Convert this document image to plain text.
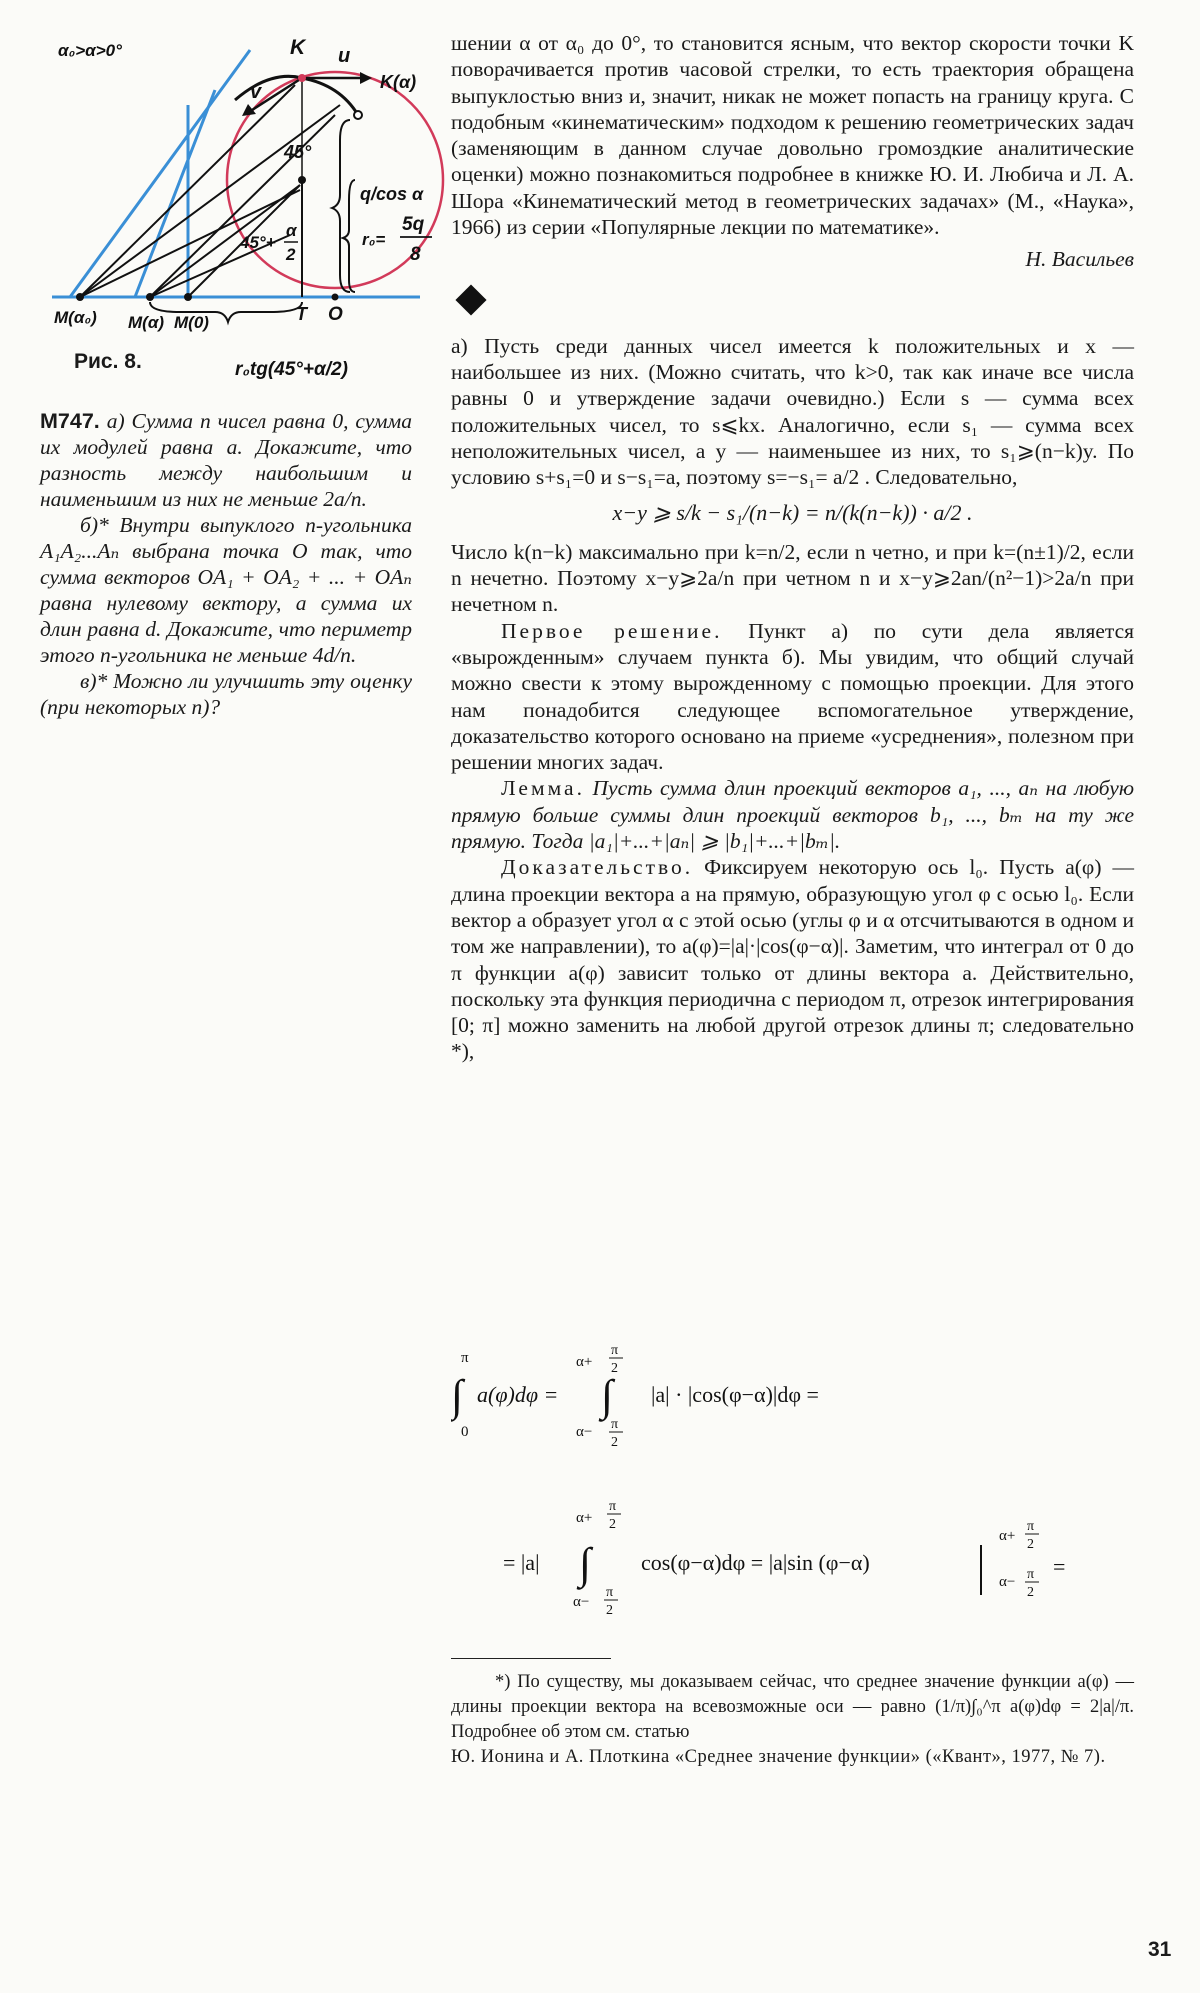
α₀>α>0°	K u
v	K(α)
45°
q/cos α
r₀=
5q
8
45°+
α
2
M(α₀) M(α) M(0)	T O
r₀tg(45°+α/2)
Рис. 8.

М747. а) Сумма n чисел равна 0, сумма их модулей равна a. Докажите, что разность между наибольшим и наименьшим из них не меньше 2a/n.

б)* Внутри выпуклого n-угольника A₁A₂...Aₙ выбрана точка O так, что сумма векторов OA₁ + OA₂ + ... + OAₙ равна нулевому вектору, а сумма их длин равна d. Докажите, что периметр этого n-угольника не меньше 4d/n.

в)* Можно ли улучшить эту оценку (при некоторых n)?

шении α от α₀ до 0°, то становится ясным, что вектор скорости точки K поворачивается против часовой стрелки, то есть траектория обращена выпуклостью вниз и, значит, никак не может попасть на границу круга. С подобным «кинематическим» подходом к решению геометрических задач (заменяющим в данном случае довольно громоздкие аналитические оценки) можно познакомиться подробнее в книжке Ю. И. Любича и Л. А. Шора «Кинематический метод в геометрических задачах» (М., «Наука», 1966) из серии «Популярные лекции по математике».

Н. Васильев

а) Пусть среди данных чисел имеется k положительных и x — наибольшее из них. (Можно считать, что k>0, так как иначе все числа равны 0 и утверждение задачи очевидно.) Если s — сумма всех положительных чисел, то s⩽kx. Аналогично, если s₁ — сумма всех неположительных чисел, а y — наименьшее из них, то s₁⩾(n−k)y. По условию s+s₁=0 и s−s₁=a, поэтому s=−s₁= a/2 . Следовательно,

x−y ⩾ s/k − s₁/(n−k) = n/(k(n−k)) · a/2 .

Число k(n−k) максимально при k=n/2, если n четно, и при k=(n±1)/2, если n нечетно. Поэтому x−y⩾2a/n при четном n и x−y⩾2an/(n²−1)>2a/n при нечетном n.

Первое решение. Пункт а) по сути дела является «вырожденным» случаем пункта б). Мы увидим, что общий случай можно свести к этому вырожденному с помощью проекции. Для этого нам понадобится следующее вспомогательное утверждение, доказательство которого основано на приеме «усреднения», полезном при решении многих задач.

Лемма. Пусть сумма длин проекций векторов a₁, ..., aₙ на любую прямую больше суммы длин проекций векторов b₁, ..., bₘ на ту же прямую. Тогда |a₁|+...+|aₙ| ⩾ |b₁|+...+|bₘ|.

Доказательство. Фиксируем некоторую ось l₀. Пусть a(φ) — длина проекции вектора a на прямую, образующую угол φ с осью l₀. Если вектор a образует угол α с этой осью (углы φ и α отсчитываются в одном и том же направлении), то a(φ)=|a|·|cos(φ−α)|. Заметим, что интеграл от 0 до π функции a(φ) зависит только от длины вектора a. Действительно, поскольку эта функция периодична с периодом π, отрезок интегрирования [0; π] можно заменить на любой другой отрезок длины π; следовательно *),

∫
π
0
a(φ)dφ = ∫
α+
π
2
α− π
2
|a| · |cos(φ−α)|dφ =
= |a| ∫
α+
π
2
α−
π
2
cos(φ−α)dφ = |a|sin (φ−α)
α+
π
2
α− π
2
=

*) По существу, мы доказываем сейчас, что среднее значение функции a(φ) — длины проекции вектора на всевозможные оси — равно (1/π)∫₀^π a(φ)dφ = 2|a|/π. Подробнее об этом см. статью

Ю. Ионина и А. Плоткина «Среднее значение функции» («Квант», 1977, № 7).

31
